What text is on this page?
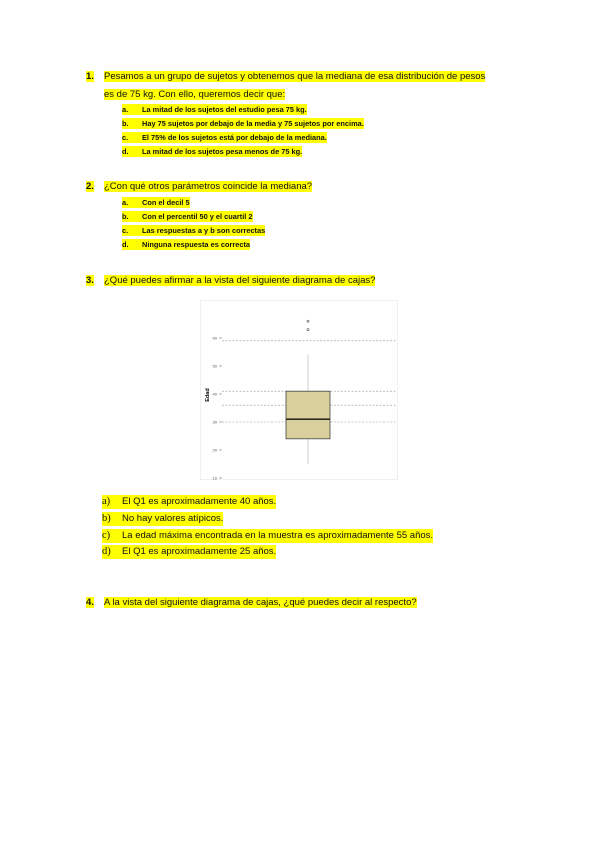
1. Pesamos a un grupo de sujetos y obtenemos que la mediana de esa distribución de pesos
es de 75 kg. Con ello, queremos decir que:
a. La mitad de los sujetos del estudio pesa 75 kg.
b. Hay 75 sujetos por debajo de la media y 75 sujetos por encima.
c. El 75% de los sujetos está por debajo de la mediana.
d. La mitad de los sujetos pesa menos de 75 kg.
2. ¿Con qué otros parámetros coincide la mediana?
a. Con el decil 5
b. Con el percentil 50 y el cuartil 2
c. Las respuestas a y b son correctas
d. Ninguna respuesta es correcta
3. ¿Qué puedes afirmar a la vista del siguiente diagrama de cajas?
Edad
10
20
30
40
50
60
a) El Q1 es aproximadamente 40 años.
b) No hay valores atípicos.
c) La edad máxima encontrada en la muestra es aproximadamente 55 años.
d) El Q1 es aproximadamente 25 años.
4. A la vista del siguiente diagrama de cajas, ¿qué puedes decir al respecto?
